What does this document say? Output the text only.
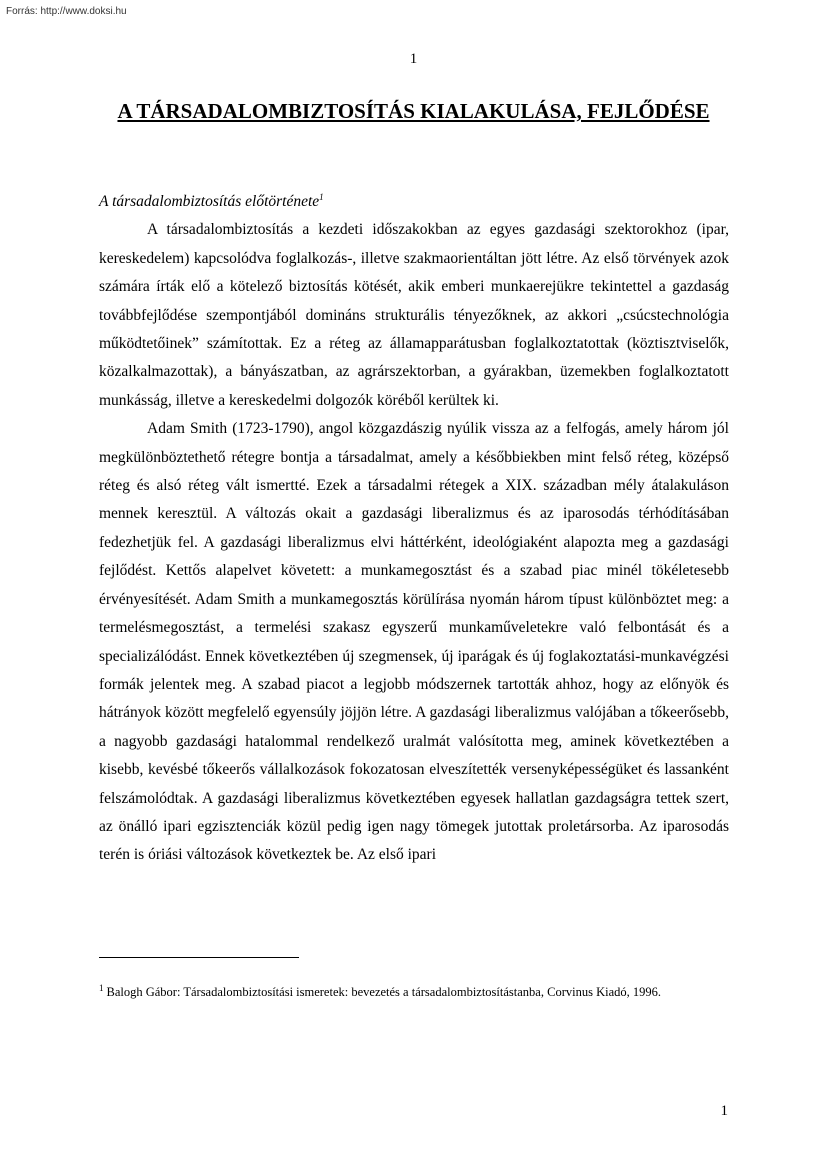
Forrás: http://www.doksi.hu
1
A TÁRSADALOMBIZTOSÍTÁS KIALAKULÁSA, FEJLŐDÉSE

A társadalombiztosítás előtörténete$^1$

A társadalombiztosítás a kezdeti időszakokban az egyes gazdasági szektorokhoz (ipar, kereskedelem) kapcsolódva foglalkozás-, illetve szakmaorientáltan jött létre. Az első törvények azok számára írták elő a kötelező biztosítás kötését, akik emberi munkaerejükre tekintettel a gazdaság továbbfejlődése szempontjából domináns strukturális tényezőknek, az akkori „csúcstechnológia működtetőinek” számítottak. Ez a réteg az államapparátusban foglalkoztatottak (köztisztviselők, közalkalmazottak), a bányászatban, az agrárszektorban, a gyárakban, üzemekben foglalkoztatott munkásság, illetve a kereskedelmi dolgozók köréből kerültek ki.

Adam Smith (1723-1790), angol közgazdászig nyúlik vissza az a felfogás, amely három jól megkülönböztethető rétegre bontja a társadalmat, amely a későbbiekben mint felső réteg, középső réteg és alsó réteg vált ismertté. Ezek a társadalmi rétegek a XIX. században mély átalakuláson mennek keresztül. A változás okait a gazdasági liberalizmus és az iparosodás térhódításában fedezhetjük fel. A gazdasági liberalizmus elvi háttérként, ideológiaként alapozta meg a gazdasági fejlődést. Kettős alapelvet követett: a munkamegosztást és a szabad piac minél tökéletesebb érvényesítését. Adam Smith a munkamegosztás körülírása nyomán három típust különböztet meg: a termelésmegosztást, a termelési szakasz egyszerű munkaműveletekre való felbontását és a specializálódást. Ennek következtében új szegmensek, új iparágak és új foglakoztatási-munkavégzési formák jelentek meg. A szabad piacot a legjobb módszernek tartották ahhoz, hogy az előnyök és hátrányok között megfelelő egyensúly jöjjön létre. A gazdasági liberalizmus valójában a tőkeerősebb, a nagyobb gazdasági hatalommal rendelkező uralmát valósította meg, aminek következtében a kisebb, kevésbé tőkeerős vállalkozások fokozatosan elveszítették versenyképességüket és lassanként felszámolódtak. A gazdasági liberalizmus következtében egyesek hallatlan gazdagságra tettek szert, az önálló ipari egzisztenciák közül pedig igen nagy tömegek jutottak proletársorba. Az iparosodás terén is óriási változások következtek be. Az első ipari

$^1$ Balogh Gábor: Társadalombiztosítási ismeretek: bevezetés a társadalombiztosítástanba, Corvinus Kiadó, 1996.
1
